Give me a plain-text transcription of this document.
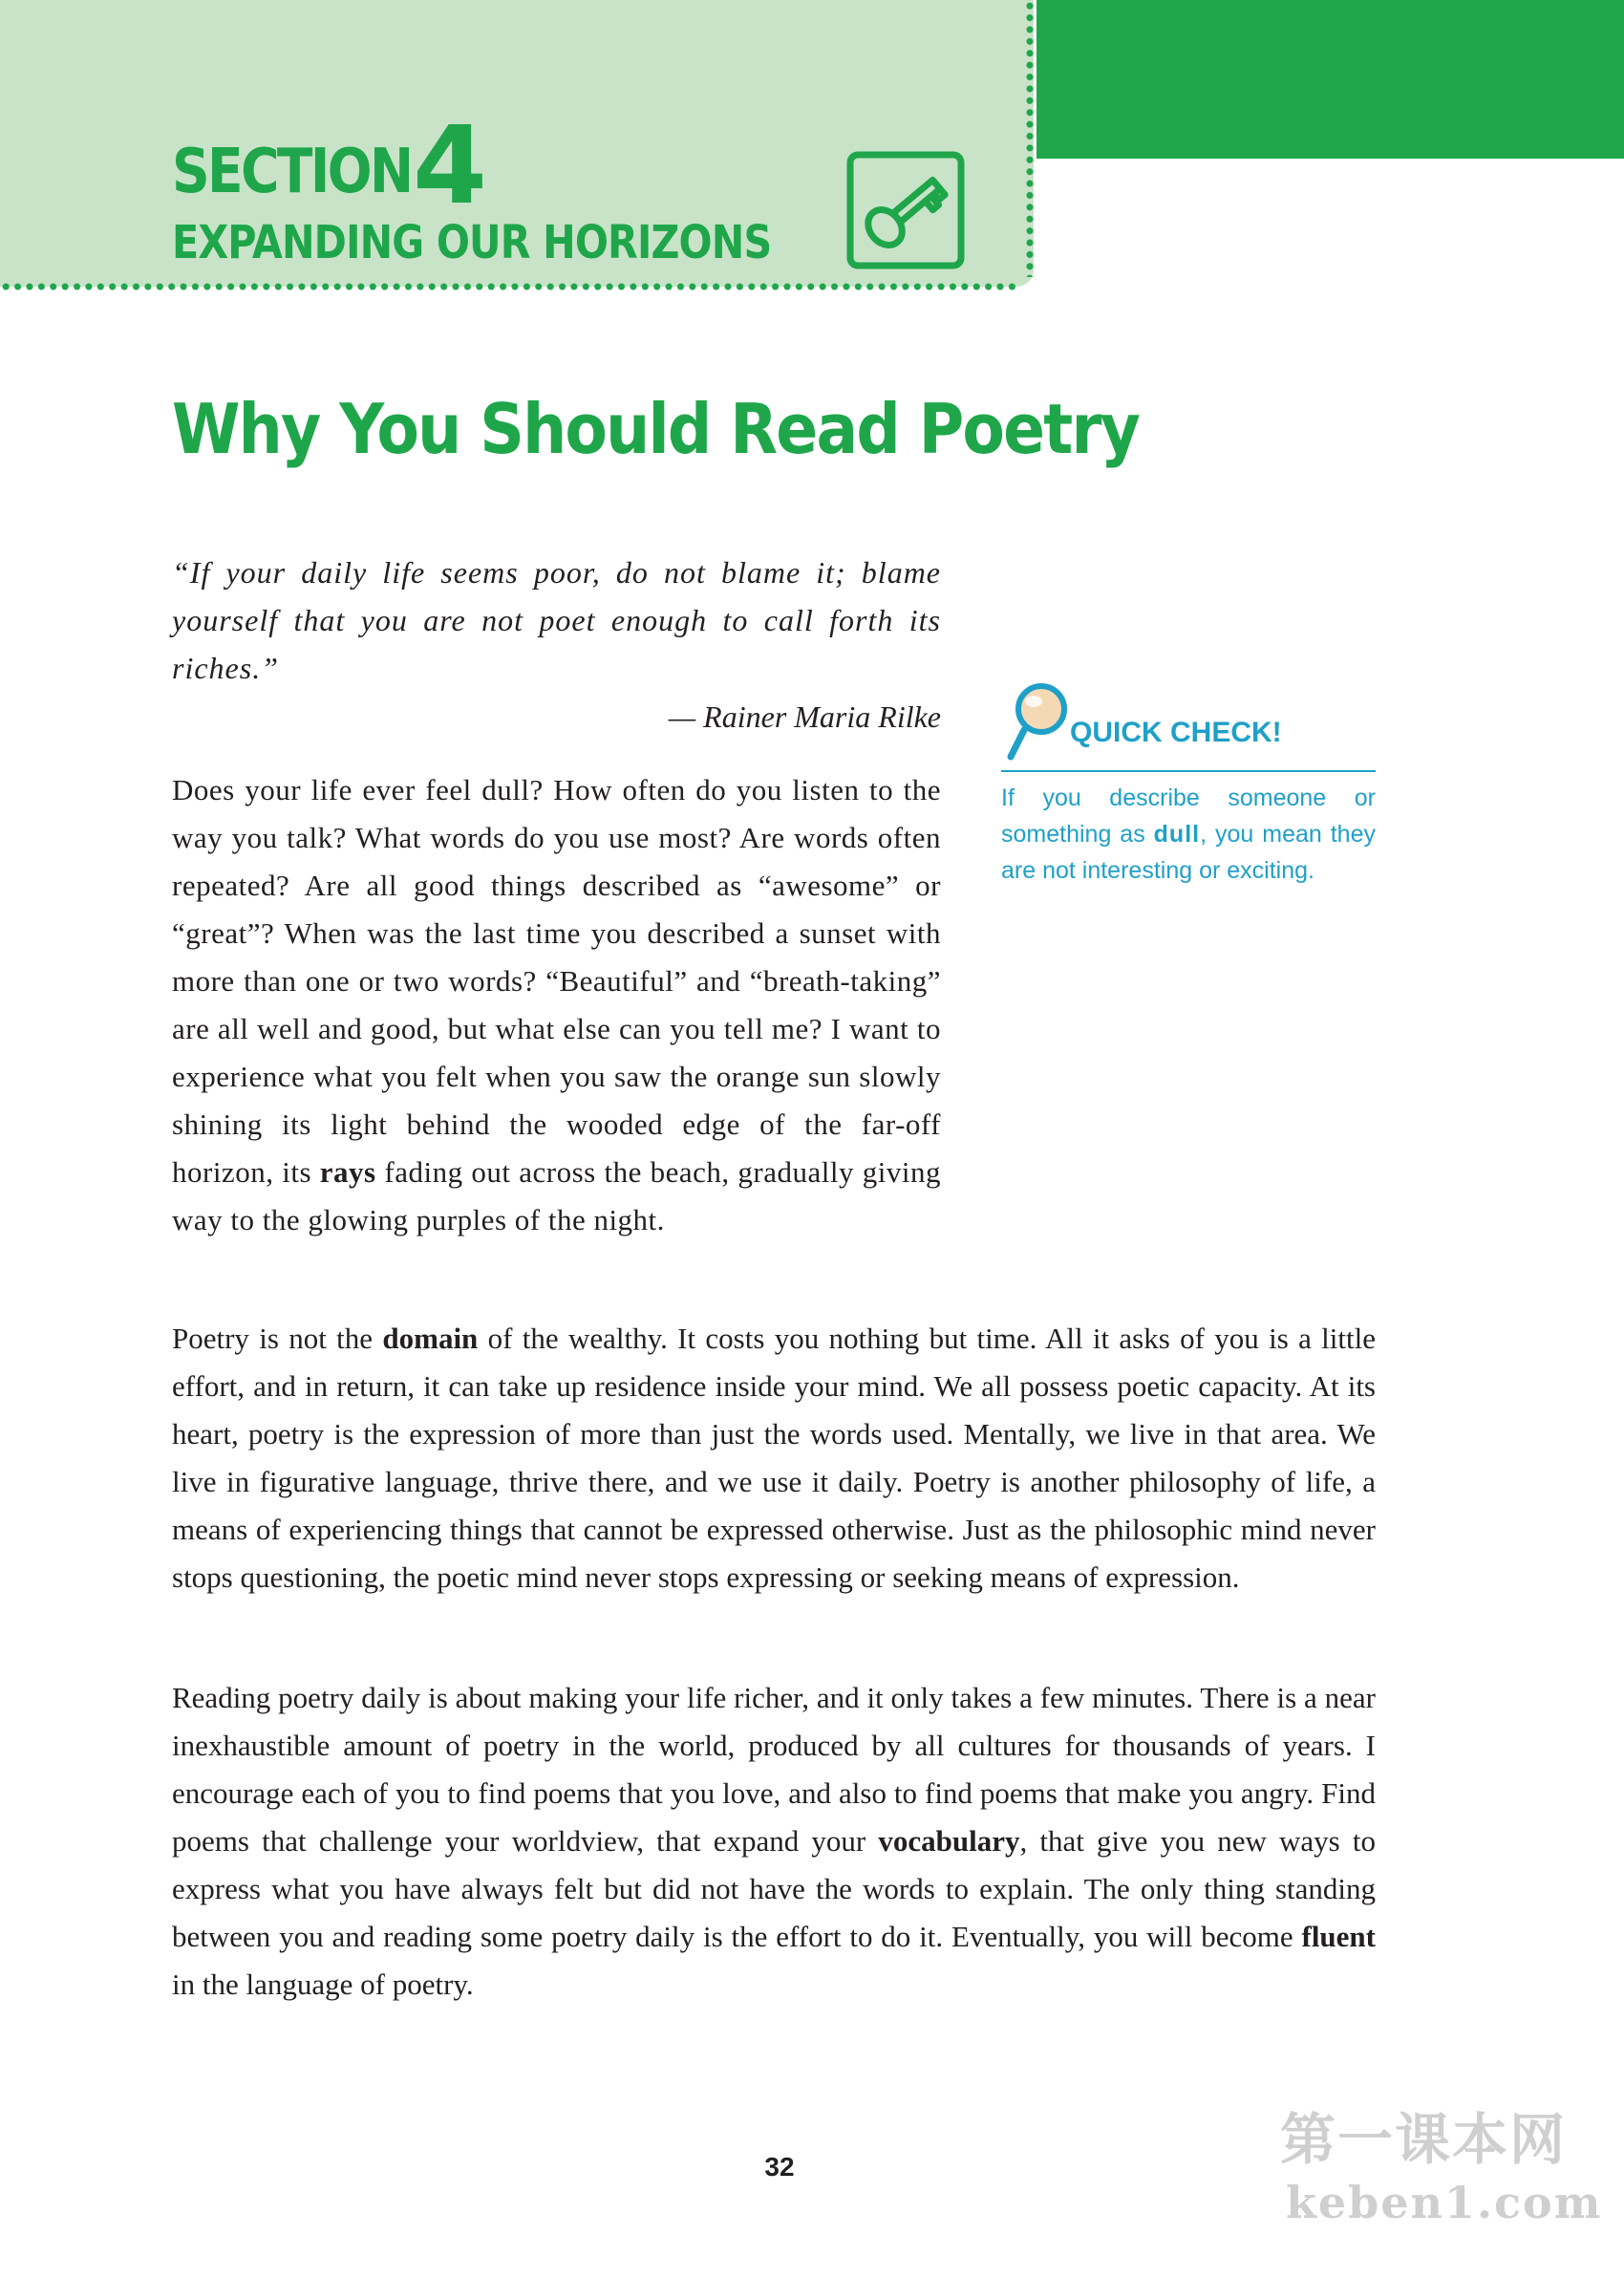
SECTION 4
EXPANDING OUR HORIZONS
Why You Should Read Poetry

“If your daily life seems poor, do not blame it; blame yourself that you are not poet enough to call forth its riches.”

— Rainer Maria Rilke

Does your life ever feel dull? How often do you listen to the way you talk? What words do you use most? Are words often repeated? Are all good things described as “awesome” or “great”? When was the last time you described a sunset with more than one or two words? “Beautiful” and “breath-taking” are all well and good, but what else can you tell me? I want to experience what you felt when you saw the orange sun slowly shining its light behind the wooded edge of the far-off horizon, its rays fading out across the beach, gradually giving way to the glowing purples of the night.

Poetry is not the domain of the wealthy. It costs you nothing but time. All it asks of you is a little effort, and in return, it can take up residence inside your mind. We all possess poetic capacity. At its heart, poetry is the expression of more than just the words used. Mentally, we live in that area. We live in figurative language, thrive there, and we use it daily. Poetry is another philosophy of life, a means of experiencing things that cannot be expressed otherwise. Just as the philosophic mind never stops questioning, the poetic mind never stops expressing or seeking means of expression.

Reading poetry daily is about making your life richer, and it only takes a few minutes. There is a near inexhaustible amount of poetry in the world, produced by all cultures for thousands of years. I encourage each of you to find poems that you love, and also to find poems that make you angry. Find poems that challenge your worldview, that expand your vocabulary, that give you new ways to express what you have always felt but did not have the words to explain. The only thing standing between you and reading some poetry daily is the effort to do it. Eventually, you will become fluent in the language of poetry.

QUICK CHECK!

If you describe someone or something as dull, you mean they are not interesting or exciting.

32	第一课本网
keben1.com
